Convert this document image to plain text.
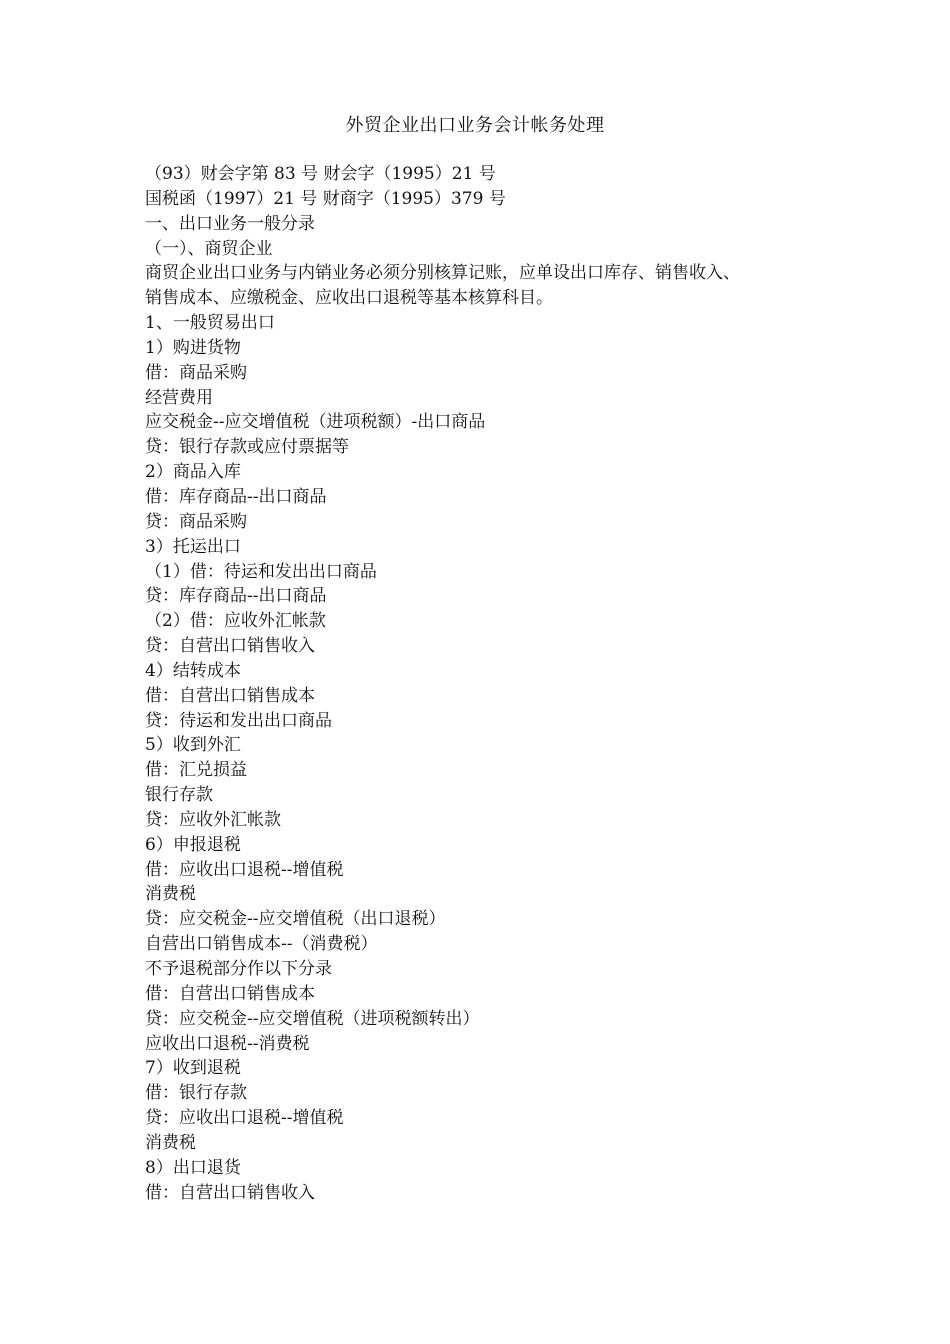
外贸企业出口业务会计帐务处理
（93）财会字第 83 号 财会字（1995）21 号
国税函（1997）21 号 财商字（1995）379 号
一、出口业务一般分录
（一）、商贸企业
商贸企业出口业务与内销业务必须分别核算记账，应单设出口库存、销售收入、
销售成本、应缴税金、应收出口退税等基本核算科目。
1、一般贸易出口
1）购进货物
借：商品采购
经营费用
应交税金--应交增值税（进项税额）-出口商品
贷：银行存款或应付票据等
2）商品入库
借：库存商品--出口商品
贷：商品采购
3）托运出口
（1）借：待运和发出出口商品
贷：库存商品--出口商品
（2）借：应收外汇帐款
贷：自营出口销售收入
4）结转成本
借：自营出口销售成本
贷：待运和发出出口商品
5）收到外汇
借：汇兑损益
银行存款
贷：应收外汇帐款
6）申报退税
借：应收出口退税--增值税
消费税
贷：应交税金--应交增值税（出口退税）
自营出口销售成本--（消费税）
不予退税部分作以下分录
借：自营出口销售成本
贷：应交税金--应交增值税（进项税额转出）
应收出口退税--消费税
7）收到退税
借：银行存款
贷：应收出口退税--增值税
消费税
8）出口退货
借：自营出口销售收入
